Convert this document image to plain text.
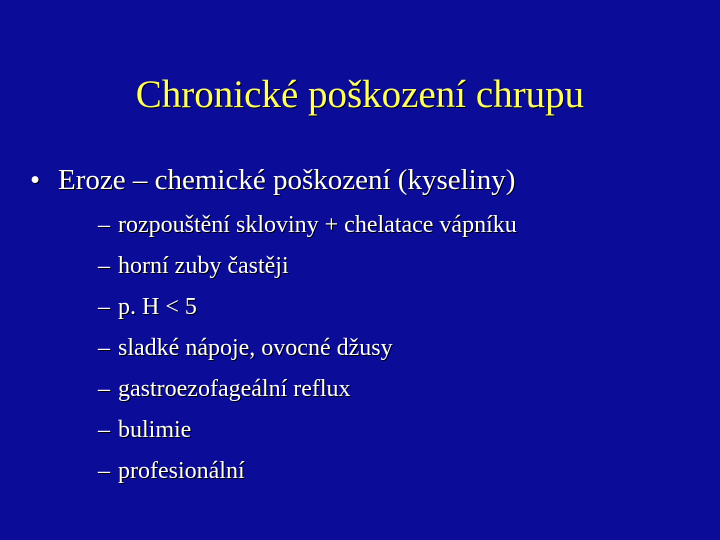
Chronické poškození chrupu
• Eroze – chemické poškození (kyseliny)
– rozpouštění skloviny + chelatace vápníku
– horní zuby častěji
– p. H < 5
– sladké nápoje, ovocné džusy
– gastroezofageální reflux
– bulimie
– profesionální
